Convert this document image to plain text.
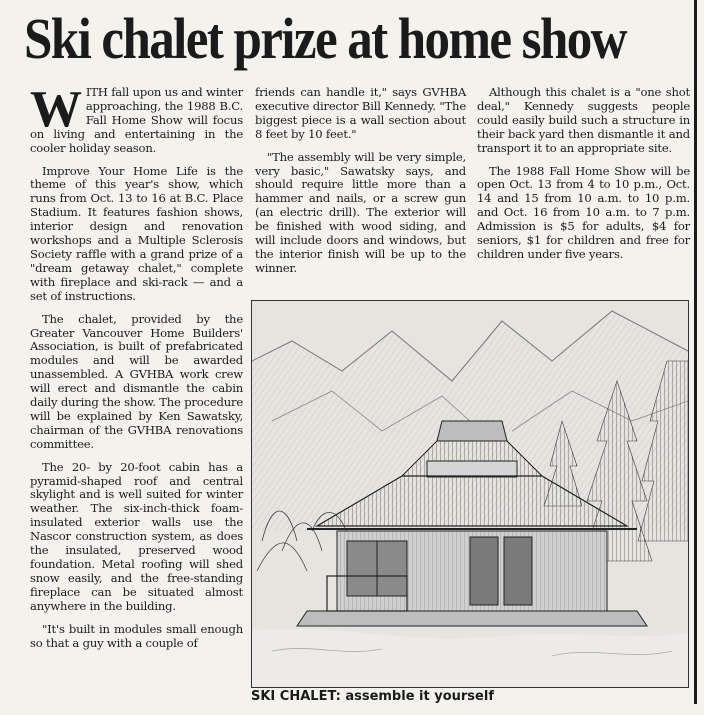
Ski chalet prize at home show

WITH fall upon us and winter approaching, the 1988 B.C. Fall Home Show will focus on living and entertaining in the cooler holiday season.

Improve Your Home Life is the theme of this year's show, which runs from Oct. 13 to 16 at B.C. Place Stadium. It features fashion shows, interior design and renovation workshops and a Multiple Sclerosis Society raffle with a grand prize of a "dream getaway chalet," complete with fireplace and ski-rack — and a set of instructions.

The chalet, provided by the Greater Vancouver Home Builders' Association, is built of prefabricated modules and will be awarded unassembled. A GVHBA work crew will erect and dismantle the cabin daily during the show. The procedure will be explained by Ken Sawatsky, chairman of the GVHBA renovations committee.

The 20- by 20-foot cabin has a pyramid-shaped roof and central skylight and is well suited for winter weather. The six-inch-thick foam-insulated exterior walls use the Nascor construction system, as does the insulated, preserved wood foundation. Metal roofing will shed snow easily, and the free-standing fireplace can be situated almost anywhere in the building.

"It's built in modules small enough so that a guy with a couple of

friends can handle it," says GVHBA executive director Bill Kennedy. "The biggest piece is a wall section about 8 feet by 10 feet."

"The assembly will be very simple, very basic," Sawatsky says, and should require little more than a hammer and nails, or a screw gun (an electric drill). The exterior will be finished with wood siding, and will include doors and windows, but the interior finish will be up to the winner.

Although this chalet is a "one shot deal," Kennedy suggests people could easily build such a structure in their back yard then dismantle it and transport it to an appropriate site.

The 1988 Fall Home Show will be open Oct. 13 from 4 to 10 p.m., Oct. 14 and 15 from 10 a.m. to 10 p.m. and Oct. 16 from 10 a.m. to 7 p.m. Admission is $5 for adults, $4 for seniors, $1 for children and free for children under five years.

SKI CHALET: assemble it yourself
